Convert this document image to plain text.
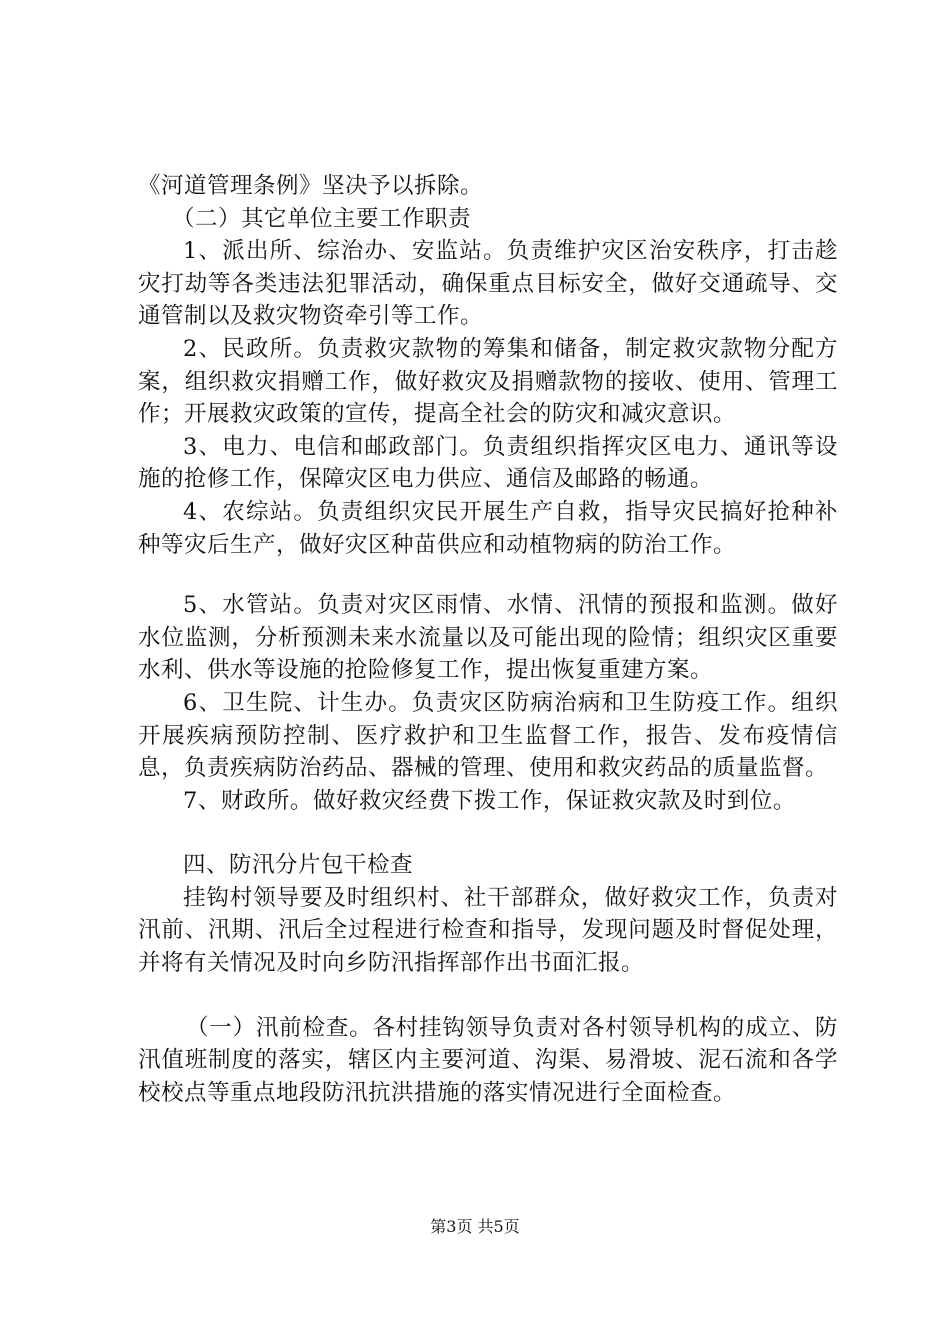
《河道管理条例》坚决予以拆除。

（二）其它单位主要工作职责

1、派出所、综治办、安监站。负责维护灾区治安秩序，打击趁灾打劫等各类违法犯罪活动，确保重点目标安全，做好交通疏导、交通管制以及救灾物资牵引等工作。

2、民政所。负责救灾款物的筹集和储备，制定救灾款物分配方案，组织救灾捐赠工作，做好救灾及捐赠款物的接收、使用、管理工作；开展救灾政策的宣传，提高全社会的防灾和减灾意识。

3、电力、电信和邮政部门。负责组织指挥灾区电力、通讯等设施的抢修工作，保障灾区电力供应、通信及邮路的畅通。

4、农综站。负责组织灾民开展生产自救，指导灾民搞好抢种补种等灾后生产，做好灾区种苗供应和动植物病的防治工作。

5、水管站。负责对灾区雨情、水情、汛情的预报和监测。做好水位监测，分析预测未来水流量以及可能出现的险情；组织灾区重要水利、供水等设施的抢险修复工作，提出恢复重建方案。

6、卫生院、计生办。负责灾区防病治病和卫生防疫工作。组织开展疾病预防控制、医疗救护和卫生监督工作，报告、发布疫情信息，负责疾病防治药品、器械的管理、使用和救灾药品的质量监督。

7、财政所。做好救灾经费下拨工作，保证救灾款及时到位。

四、防汛分片包干检查

挂钩村领导要及时组织村、社干部群众，做好救灾工作，负责对汛前、汛期、汛后全过程进行检查和指导，发现问题及时督促处理，并将有关情况及时向乡防汛指挥部作出书面汇报。

（一）汛前检查。各村挂钩领导负责对各村领导机构的成立、防汛值班制度的落实，辖区内主要河道、沟渠、易滑坡、泥石流和各学校校点等重点地段防汛抗洪措施的落实情况进行全面检查。

第3页 共5页
